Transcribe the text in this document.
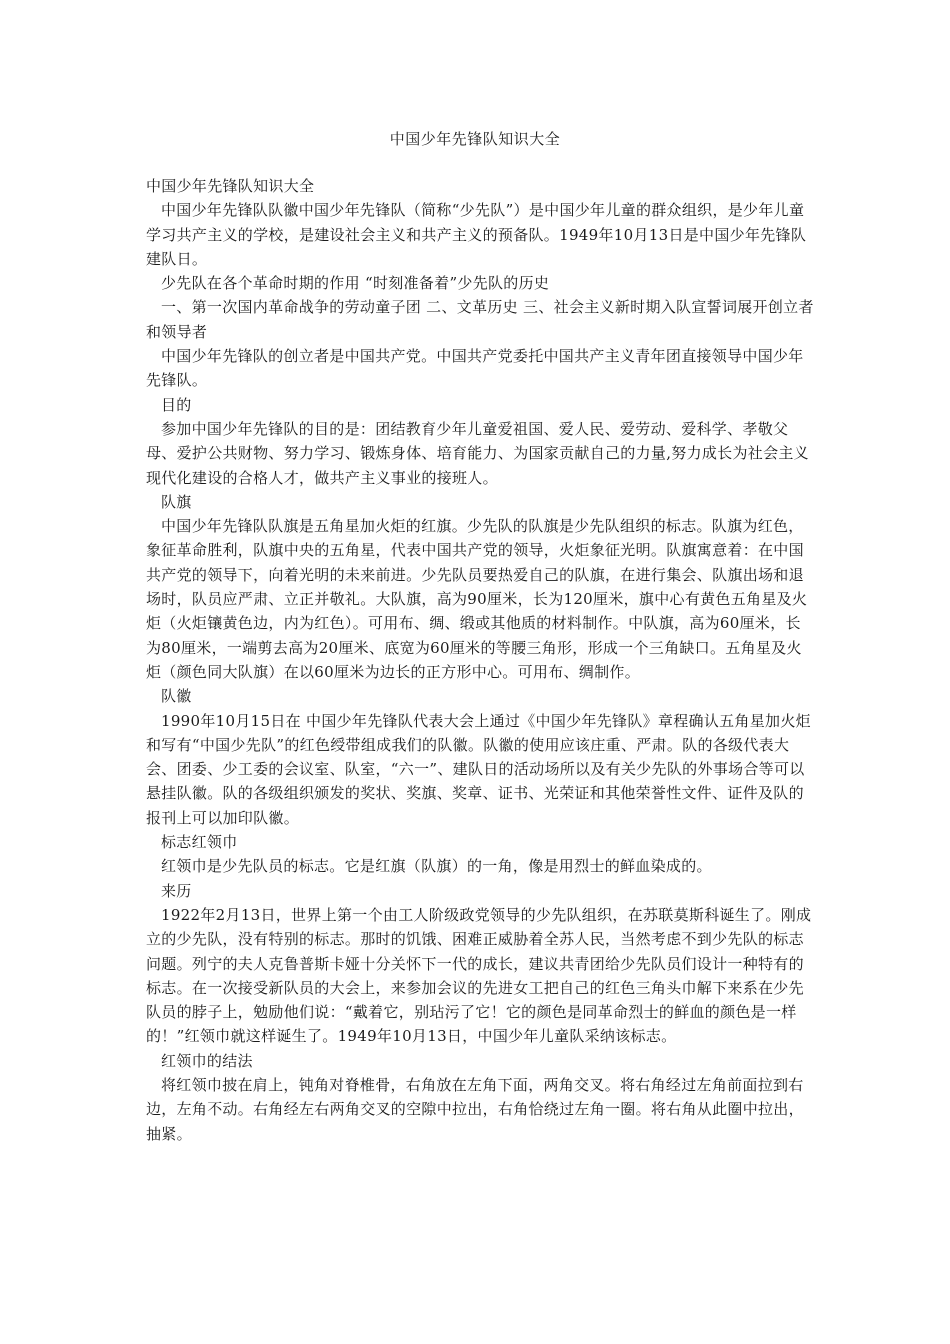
中国少年先锋队知识大全

中国少年先锋队知识大全

中国少年先锋队队徽中国少年先锋队（简称“少先队”）是中国少年儿童的群众组织，是少年儿童学习共产主义的学校，是建设社会主义和共产主义的预备队。1949年10月13日是中国少年先锋队建队日。

少先队在各个革命时期的作用 “时刻准备着”少先队的历史

一、第一次国内革命战争的劳动童子团 二、文革历史 三、社会主义新时期入队宣誓词展开创立者和领导者

中国少年先锋队的创立者是中国共产党。中国共产党委托中国共产主义青年团直接领导中国少年先锋队。

目的

参加中国少年先锋队的目的是：团结教育少年儿童爱祖国、爱人民、爱劳动、爱科学、孝敬父母、爱护公共财物、努力学习、锻炼身体、培育能力、为国家贡献自己的力量,努力成长为社会主义现代化建设的合格人才，做共产主义事业的接班人。

队旗

中国少年先锋队队旗是五角星加火炬的红旗。少先队的队旗是少先队组织的标志。队旗为红色，象征革命胜利，队旗中央的五角星，代表中国共产党的领导，火炬象征光明。队旗寓意着：在中国共产党的领导下，向着光明的未来前进。少先队员要热爱自己的队旗，在进行集会、队旗出场和退场时，队员应严肃、立正并敬礼。大队旗，高为90厘米，长为120厘米，旗中心有黄色五角星及火炬（火炬镶黄色边，内为红色）。可用布、绸、缎或其他质的材料制作。中队旗，高为60厘米，长为80厘米，一端剪去高为20厘米、底宽为60厘米的等腰三角形，形成一个三角缺口。五角星及火炬（颜色同大队旗）在以60厘米为边长的正方形中心。可用布、绸制作。

队徽

1990年10月15日在 中国少年先锋队代表大会上通过《中国少年先锋队》章程确认五角星加火炬和写有“中国少先队”的红色绶带组成我们的队徽。队徽的使用应该庄重、严肃。队的各级代表大会、团委、少工委的会议室、队室，“六一”、建队日的活动场所以及有关少先队的外事场合等可以悬挂队徽。队的各级组织颁发的奖状、奖旗、奖章、证书、光荣证和其他荣誉性文件、证件及队的报刊上可以加印队徽。

标志红领巾

红领巾是少先队员的标志。它是红旗（队旗）的一角，像是用烈士的鲜血染成的。

来历

1922年2月13日，世界上第一个由工人阶级政党领导的少先队组织，在苏联莫斯科诞生了。刚成立的少先队，没有特别的标志。那时的饥饿、困难正威胁着全苏人民，当然考虑不到少先队的标志问题。列宁的夫人克鲁普斯卡娅十分关怀下一代的成长，建议共青团给少先队员们设计一种特有的标志。在一次接受新队员的大会上，来参加会议的先进女工把自己的红色三角头巾解下来系在少先队员的脖子上，勉励他们说：“戴着它，别玷污了它！它的颜色是同革命烈士的鲜血的颜色是一样的！”红领巾就这样诞生了。1949年10月13日，中国少年儿童队采纳该标志。

红领巾的结法

将红领巾披在肩上，钝角对脊椎骨，右角放在左角下面，两角交叉。将右角经过左角前面拉到右边，左角不动。右角经左右两角交叉的空隙中拉出，右角恰绕过左角一圈。将右角从此圈中拉出，抽紧。
